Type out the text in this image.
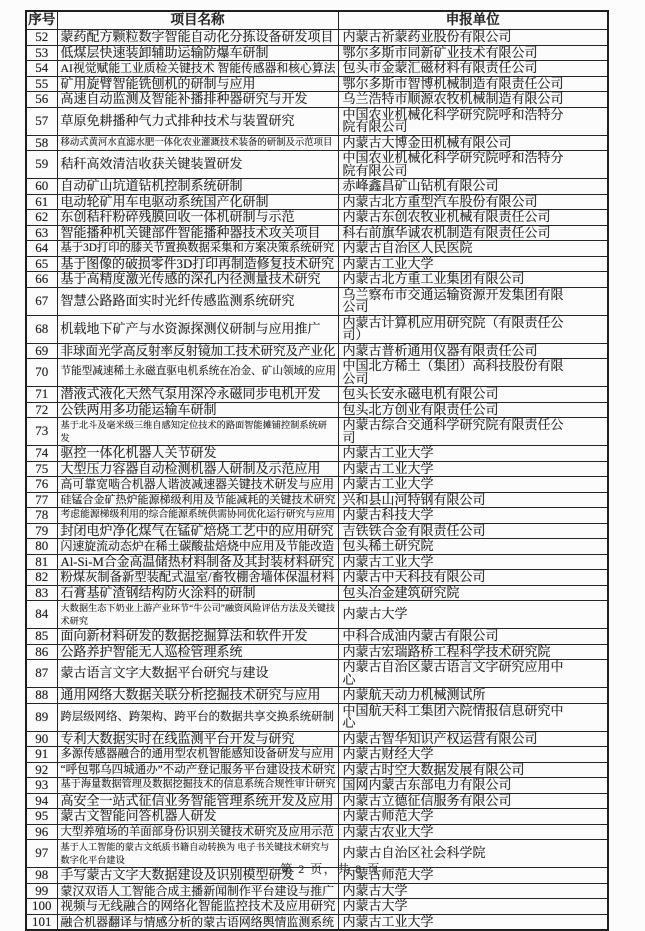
序号	项目名称	申报单位
52	蒙药配方颗粒数字智能自动化分拣设备研发项目	内蒙古祈蒙药业股份有限公司
53	低煤层快速装卸辅助运输防爆车研制	鄂尔多斯市同新矿业技术有限公司
54	AI视觉赋能工业质检关键技术 智能传感器和核心算法	包头市金蒙汇磁材料有限责任公司
55	矿用旋臂智能铣刨机的研制与应用	鄂尔多斯市智博机械制造有限责任公司
56	高速自动监测及智能补播排种器研究与开发	乌兰浩特市顺源农牧机械制造有限公司
57	草原免耕播种气力式排种技术与装置研究	中国农业机械化科学研究院呼和浩特分院有限公司
58	移动式黄河水直滤水肥一体化农业灌溉技术装备的研制及示范项目	内蒙古大博金田机械有限公司
59	秸秆高效清洁收获关键装置研发	中国农业机械化科学研究院呼和浩特分院有限公司
60	自动矿山坑道钻机控制系统研制	赤峰鑫昌矿山钻机有限公司
61	电动轮矿用车电驱动系统国产化研制	内蒙古北方重型汽车股份有限公司
62	东创秸秆粉碎残膜回收一体机研制与示范	内蒙古东创农牧业机械有限责任公司
63	智能播种机关键部件智能播种器技术攻关项目	科右前旗华诚农机制造有限责任公司
64	基于3D打印的膝关节置换数据采集和方案决策系统研究	内蒙古自治区人民医院
65	基于图像的破损零件3D打印再制造修复技术研究	内蒙古工业大学
66	基于高精度激光传感的深孔内径测量技术研究	内蒙古北方重工业集团有限公司
67	智慧公路路面实时光纤传感监测系统研究	乌兰察布市交通运输资源开发集团有限公司
68	机载地下矿产与水资源探测仪研制与应用推广	内蒙古计算机应用研究院（有限责任公司）
69	非球面光学高反射率反射镜加工技术研究及产业化	内蒙古普析通用仪器有限责任公司
70	节能型减速稀土永磁直驱电机系统在冶金、矿山领域的应用	中国北方稀土（集团）高科技股份有限公司
71	潜液式液化天然气泵用深冷永磁同步电机开发	包头长安永磁电机有限公司
72	公铁两用多功能运输车研制	包头北方创业有限责任公司
73	基于北斗及毫米级三维自感知定位技术的路面智能摊铺控制系统研发	内蒙古综合交通科学研究院有限责任公司
74	驱控一体化机器人关节研发	内蒙古工业大学
75	大型压力容器自动检测机器人研制及示范应用	内蒙古工业大学
76	高可靠宽啮合机器人谐波减速器关键技术研发与应用	内蒙古工业大学
77	硅锰合金矿热炉能源梯级利用及节能减耗的关键技术研究	兴和县山河特钢有限公司
78	考虑能源梯级利用的综合能源系统供需协同优化运行研究与应用	内蒙古科技大学
79	封闭电炉净化煤气在锰矿焙烧工艺中的应用研究	吉铁铁合金有限责任公司
80	闪速旋流动态炉在稀土碳酸盐焙烧中应用及节能改造	包头稀土研究院
81	Al-Si-M合金高温储热材料制备及其封装材料研究	内蒙古工业大学
82	粉煤灰制备新型装配式温室/畜牧棚舍墙体保温材料	内蒙古中天科技有限公司
83	石膏基矿渣钢结构防火涂料的研制	包头冶金建筑研究院
84	大数据生态下奶业上游产业环节“牛公司”融资风险评估方法及关键技术研究	内蒙古大学
85	面向新材料研发的数据挖掘算法和软件开发	中科合成油内蒙古有限公司
86	公路养护智能无人巡检管理系统	内蒙古宏瑞路桥工程科学技术研究院
87	蒙古语言文字大数据平台研究与建设	内蒙古自治区蒙古语言文字研究应用中心
88	通用网络大数据关联分析挖掘技术研究与应用	内蒙航天动力机械测试所
89	跨层级网络、跨架构、跨平台的数据共享交换系统研制	中国航天科工集团六院情报信息研究中心
90	专利大数据实时在线监测平台开发与研究	内蒙古智华知识产权运营有限公司
91	多源传感器融合的通用型农机智能感知设备研发与应用	内蒙古财经大学
92	“呼包鄂乌四城通办”不动产登记服务平台建设技术研究	内蒙古时空大数据发展有限公司
93	基于海量数据管理及数据挖掘技术的信息系统合规性审计研究	国网内蒙古东部电力有限公司
94	高安全一站式征信业务智能管理系统开发及应用	内蒙古立德征信服务有限公司
95	蒙古文智能问答机器人研发	内蒙古师范大学
96	大型养殖场的羊面部身份识别关键技术研究及应用示范	内蒙古农业大学
97	基于人工智能的蒙古文纸质书籍自动转换为 电子书关键技术研究与数字化平台建设	内蒙古自治区社会科学院
98	手写蒙古文字大数据建设及识别模型研发	内蒙古师范大学
99	蒙汉双语人工智能合成主播新闻制作平台建设与推广	内蒙古大学
100	视频与无线融合的网络化智能监控技术及应用研究	内蒙古大学
101	融合机器翻译与情感分析的蒙古语网络舆情监测系统	内蒙古工业大学
第 2 页，共 8 页
